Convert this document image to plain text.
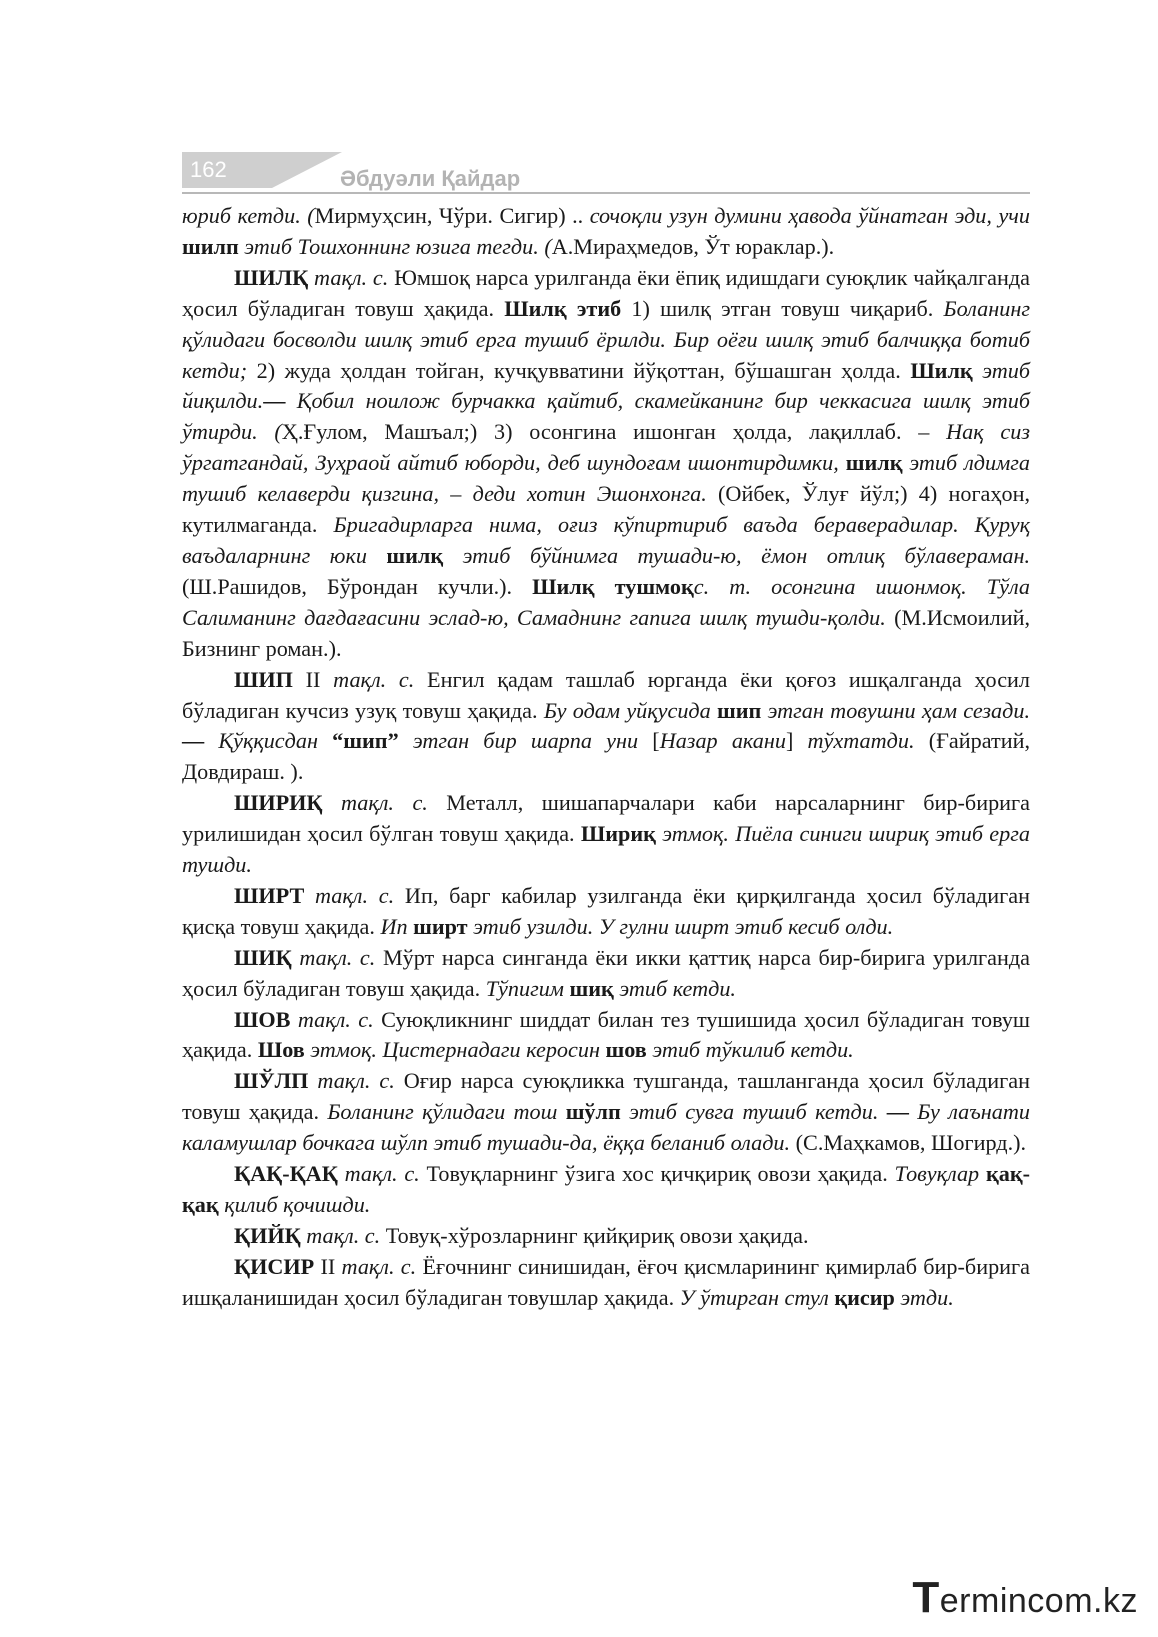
162	Әбдуәли Қайдар

юриб кетди. (Мирмуҳсин, Чўри. Сигир) .. сочоқли узун думини ҳавода ўйнатган эди, учи шилп этиб Тошхоннинг юзига тегди. (А.Мираҳмедов, Ўт юраклар.).

ШИЛҚ тақл. с. Юмшоқ нарса урилганда ёки ёпиқ идишдаги суюқлик чайқалганда ҳосил бўладиган товуш ҳақида. Шилқ этиб 1) шилқ этган товуш чиқариб. Боланинг қўлидаги босволди шилқ этиб ерга тушиб ёрилди. Бир оёғи шилқ этиб балчиққа ботиб кетди; 2) жуда ҳолдан тойган, кучқувватини йўқоттан, бўшашган ҳолда. Шилқ этиб йиқилди.— Қобил ноилож бурчакка қайтиб, скамейканинг бир чеккасига шилқ этиб ўтирди. (Ҳ.Ғулом, Машъал;) 3) осонгина ишонган ҳолда, лақиллаб. – Нақ сиз ўргатгандай, Зуҳраой айтиб юборди, деб шундоғам ишонтирдимки, шилқ этиб лдимга тушиб келаверди қизгина, – деди хотин Эшонхонга. (Ойбек, Ўлуғ йўл;) 4) ногаҳон, кутилмаганда. Бригадирларга нима, оғиз кўпиртириб ваъда бераверадилар. Қуруқ ваъдаларнинг юки шилқ этиб бўйнимга тушади-ю, ёмон отлиқ бўлавераман. (Ш.Рашидов, Бўрондан кучли.). Шилқ тушмоқс. т. осонгина ишонмоқ. Тўла Салиманинг дағдағасини эслад-ю, Самаднинг гапига шилқ тушди-қолди. (М.Исмоилий, Бизнинг роман.).

ШИП II тақл. с. Енгил қадам ташлаб юрганда ёки қоғоз ишқалганда ҳосил бўладиган кучсиз узуқ товуш ҳақида. Бу одам уйқусида шип этган товушни ҳам сезади. — Қўққисдан “шип” этган бир шарпа уни [Назар акани] тўхтатди. (Ғайратий, Довдираш. ).

ШИРИҚ тақл. с. Металл, шишапарчалари каби нарсаларнинг бир-бирига урилишидан ҳосил бўлган товуш ҳақида. Шириқ этмоқ. Пиёла синиги шириқ этиб ерга тушди.

ШИРТ тақл. с. Ип, барг кабилар узилганда ёки қирқилганда ҳосил бўладиган қисқа товуш ҳақида. Ип ширт этиб узилди. У гулни ширт этиб кесиб олди.

ШИҚ тақл. с. Мўрт нарса синганда ёки икки қаттиқ нарса бир-бирига урилганда ҳосил бўладиган товуш ҳақида. Тўпигим шиқ этиб кетди.

ШОВ тақл. с. Суюқликнинг шиддат билан тез тушишида ҳосил бўладиган товуш ҳақида. Шов этмоқ. Цистернадаги керосин шов этиб тўкилиб кетди.

ШЎЛП тақл. с. Оғир нарса суюқликка тушганда, ташланганда ҳосил бўладиган товуш ҳақида. Боланинг қўлидаги тош шўлп этиб сувга тушиб кетди. — Бу лаънати каламушлар бочкага шўлп этиб тушади-да, ёққа беланиб олади. (С.Маҳкамов, Шогирд.).

ҚАҚ-ҚАҚ тақл. с. Товуқларнинг ўзига хос қичқириқ овози ҳақида. Товуқлар қақ-қақ қилиб қочишди.

ҚИЙҚ тақл. с. Товуқ-хўрозларнинг қийқириқ овози ҳақида.

ҚИСИР II тақл. с. Ёғочнинг синишидан, ёғоч қисмларининг қимирлаб бир-бирига ишқаланишидан ҳосил бўладиган товушлар ҳақида. У ўтирган стул қисир этди.

Termincom.kz
